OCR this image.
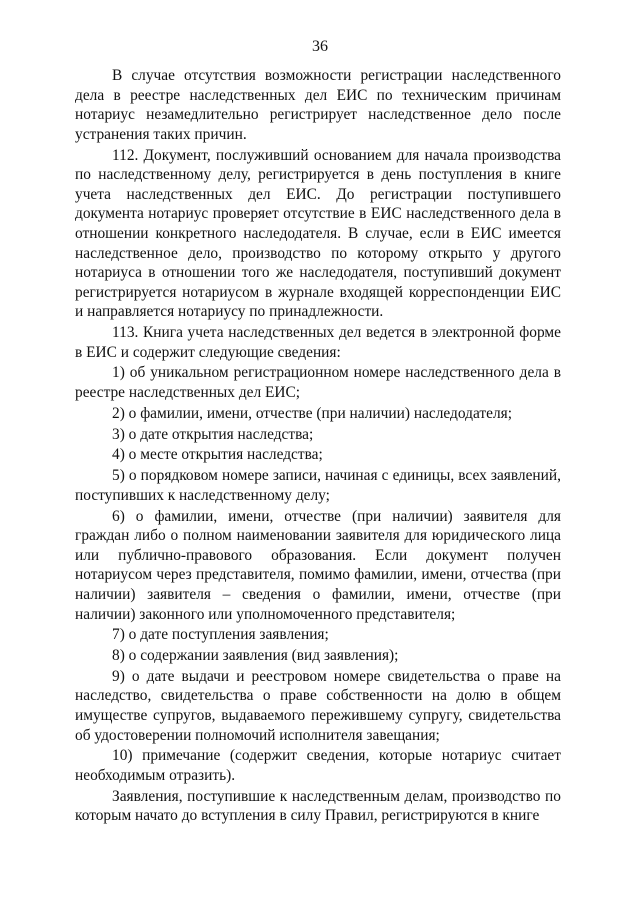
36

В случае отсутствия возможности регистрации наследственного дела в реестре наследственных дел ЕИС по техническим причинам нотариус незамедлительно регистрирует наследственное дело после устранения таких причин.

112. Документ, послуживший основанием для начала производства по наследственному делу, регистрируется в день поступления в книге учета наследственных дел ЕИС. До регистрации поступившего документа нотариус проверяет отсутствие в ЕИС наследственного дела в отношении конкретного наследодателя. В случае, если в ЕИС имеется наследственное дело, производство по которому открыто у другого нотариуса в отношении того же наследодателя, поступивший документ регистрируется нотариусом в журнале входящей корреспонденции ЕИС и направляется нотариусу по принадлежности.

113. Книга учета наследственных дел ведется в электронной форме в ЕИС и содержит следующие сведения:

1) об уникальном регистрационном номере наследственного дела в реестре наследственных дел ЕИС;

2) о фамилии, имени, отчестве (при наличии) наследодателя;

3) о дате открытия наследства;

4) о месте открытия наследства;

5) о порядковом номере записи, начиная с единицы, всех заявлений, поступивших к наследственному делу;

6) о фамилии, имени, отчестве (при наличии) заявителя для граждан либо о полном наименовании заявителя для юридического лица или публично-правового образования. Если документ получен нотариусом через представителя, помимо фамилии, имени, отчества (при наличии) заявителя – сведения о фамилии, имени, отчестве (при наличии) законного или уполномоченного представителя;

7) о дате поступления заявления;

8) о содержании заявления (вид заявления);

9) о дате выдачи и реестровом номере свидетельства о праве на наследство, свидетельства о праве собственности на долю в общем имуществе супругов, выдаваемого пережившему супругу, свидетельства об удостоверении полномочий исполнителя завещания;

10) примечание (содержит сведения, которые нотариус считает необходимым отразить).

Заявления, поступившие к наследственным делам, производство по которым начато до вступления в силу Правил, регистрируются в книге
